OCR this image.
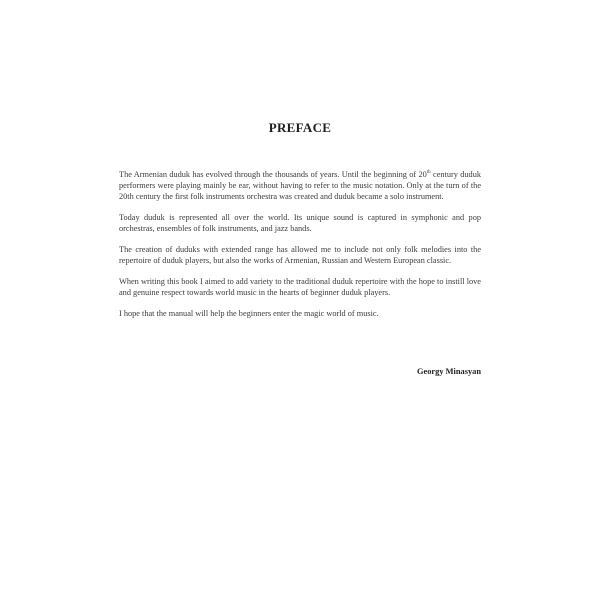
PREFACE

The Armenian duduk has evolved through the thousands of years. Until the beginning of 20th century duduk performers were playing mainly be ear, without having to refer to the music notation. Only at the turn of the 20th century the first folk instruments orchestra was created and duduk became a solo instrument.

Today duduk is represented all over the world. Its unique sound is captured in symphonic and pop orchestras, ensembles of folk instruments, and jazz bands.

The creation of duduks with extended range has allowed me to include not only folk melodies into the repertoire of duduk players, but also the works of Armenian, Russian and Western European classic.

When writing this book I aimed to add variety to the traditional duduk repertoire with the hope to instill love and genuine respect towards world music in the hearts of beginner duduk players.

I hope that the manual will help the beginners enter the magic world of music.

Georgy Minasyan
